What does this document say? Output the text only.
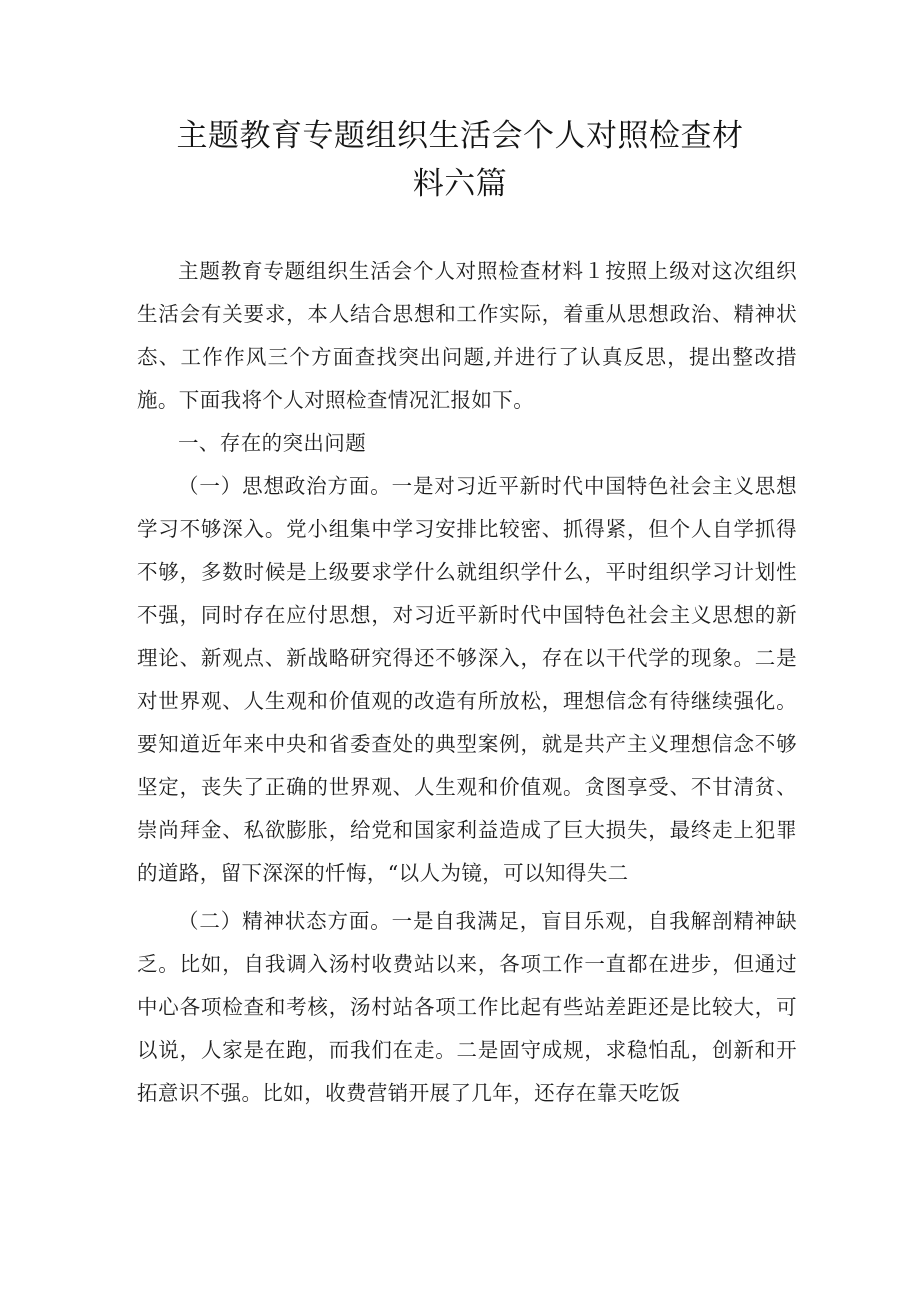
主题教育专题组织生活会个人对照检查材
料六篇

主题教育专题组织生活会个人对照检查材料１按照上级对这次组织生活会有关要求，本人结合思想和工作实际，着重从思想政治、精神状态、工作作风三个方面查找突出问题,并进行了认真反思，提出整改措施。下面我将个人对照检查情况汇报如下。

一、存在的突出问题

（一）思想政治方面。一是对习近平新时代中国特色社会主义思想学习不够深入。党小组集中学习安排比较密、抓得紧，但个人自学抓得不够，多数时候是上级要求学什么就组织学什么，平时组织学习计划性不强，同时存在应付思想，对习近平新时代中国特色社会主义思想的新理论、新观点、新战略研究得还不够深入，存在以干代学的现象。二是对世界观、人生观和价值观的改造有所放松，理想信念有待继续强化。要知道近年来中央和省委查处的典型案例，就是共产主义理想信念不够坚定，丧失了正确的世界观、人生观和价值观。贪图享受、不甘清贫、崇尚拜金、私欲膨胀，给党和国家利益造成了巨大损失，最终走上犯罪的道路，留下深深的忏悔，“以人为镜，可以知得失二

（二）精神状态方面。一是自我满足，盲目乐观，自我解剖精神缺乏。比如，自我调入汤村收费站以来，各项工作一直都在进步，但通过中心各项检查和考核，汤村站各项工作比起有些站差距还是比较大，可以说，人家是在跑，而我们在走。二是固守成规，求稳怕乱，创新和开拓意识不强。比如，收费营销开展了几年，还存在靠天吃饭
